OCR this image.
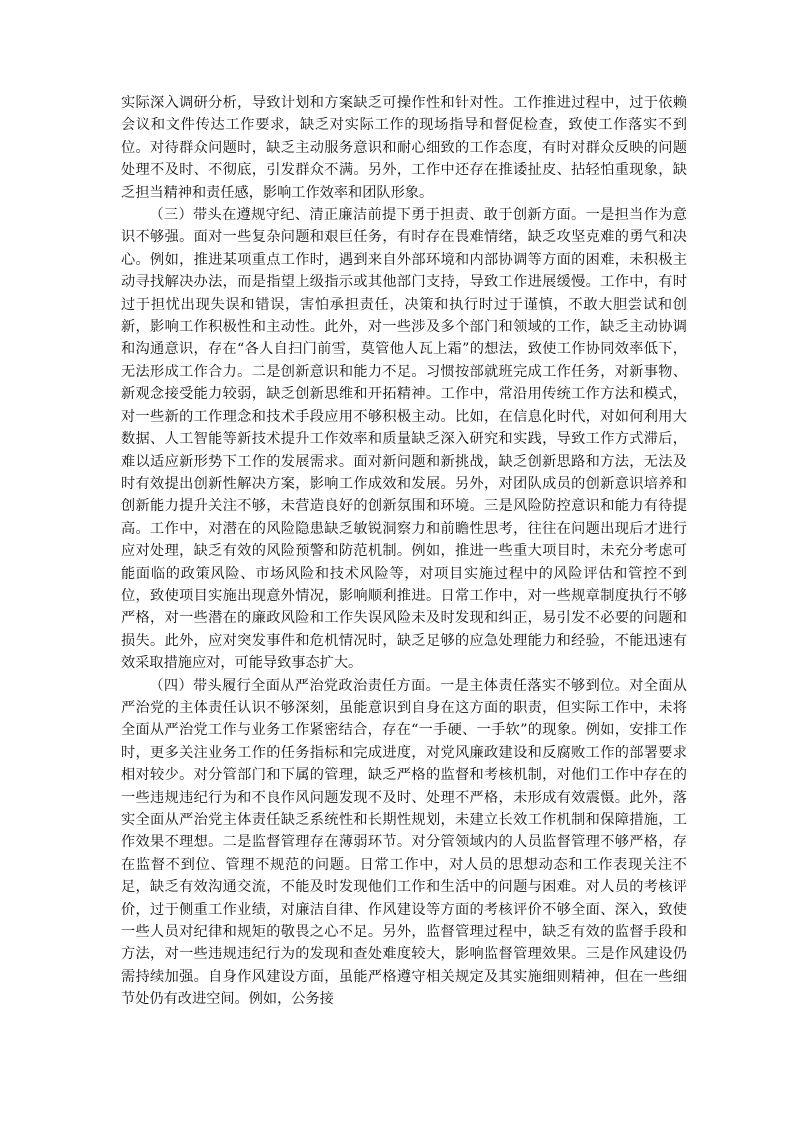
实际深入调研分析，导致计划和方案缺乏可操作性和针对性。工作推进过程中，过于依赖会议和文件传达工作要求，缺乏对实际工作的现场指导和督促检查，致使工作落实不到位。对待群众问题时，缺乏主动服务意识和耐心细致的工作态度，有时对群众反映的问题处理不及时、不彻底，引发群众不满。另外，工作中还存在推诿扯皮、拈轻怕重现象，缺乏担当精神和责任感，影响工作效率和团队形象。

（三）带头在遵规守纪、清正廉洁前提下勇于担责、敢于创新方面。一是担当作为意识不够强。面对一些复杂问题和艰巨任务，有时存在畏难情绪，缺乏攻坚克难的勇气和决心。例如，推进某项重点工作时，遇到来自外部环境和内部协调等方面的困难，未积极主动寻找解决办法，而是指望上级指示或其他部门支持，导致工作进展缓慢。工作中，有时过于担忧出现失误和错误，害怕承担责任，决策和执行时过于谨慎，不敢大胆尝试和创新，影响工作积极性和主动性。此外，对一些涉及多个部门和领域的工作，缺乏主动协调和沟通意识，存在“各人自扫门前雪，莫管他人瓦上霜”的想法，致使工作协同效率低下，无法形成工作合力。二是创新意识和能力不足。习惯按部就班完成工作任务，对新事物、新观念接受能力较弱，缺乏创新思维和开拓精神。工作中，常沿用传统工作方法和模式，对一些新的工作理念和技术手段应用不够积极主动。比如，在信息化时代，对如何利用大数据、人工智能等新技术提升工作效率和质量缺乏深入研究和实践，导致工作方式滞后，难以适应新形势下工作的发展需求。面对新问题和新挑战，缺乏创新思路和方法，无法及时有效提出创新性解决方案，影响工作成效和发展。另外，对团队成员的创新意识培养和创新能力提升关注不够，未营造良好的创新氛围和环境。三是风险防控意识和能力有待提高。工作中，对潜在的风险隐患缺乏敏锐洞察力和前瞻性思考，往往在问题出现后才进行应对处理，缺乏有效的风险预警和防范机制。例如，推进一些重大项目时，未充分考虑可能面临的政策风险、市场风险和技术风险等，对项目实施过程中的风险评估和管控不到位，致使项目实施出现意外情况，影响顺利推进。日常工作中，对一些规章制度执行不够严格，对一些潜在的廉政风险和工作失误风险未及时发现和纠正，易引发不必要的问题和损失。此外，应对突发事件和危机情况时，缺乏足够的应急处理能力和经验，不能迅速有效采取措施应对，可能导致事态扩大。

（四）带头履行全面从严治党政治责任方面。一是主体责任落实不够到位。对全面从严治党的主体责任认识不够深刻，虽能意识到自身在这方面的职责，但实际工作中，未将全面从严治党工作与业务工作紧密结合，存在“一手硬、一手软”的现象。例如，安排工作时，更多关注业务工作的任务指标和完成进度，对党风廉政建设和反腐败工作的部署要求相对较少。对分管部门和下属的管理，缺乏严格的监督和考核机制，对他们工作中存在的一些违规违纪行为和不良作风问题发现不及时、处理不严格，未形成有效震慑。此外，落实全面从严治党主体责任缺乏系统性和长期性规划，未建立长效工作机制和保障措施，工作效果不理想。二是监督管理存在薄弱环节。对分管领域内的人员监督管理不够严格，存在监督不到位、管理不规范的问题。日常工作中，对人员的思想动态和工作表现关注不足，缺乏有效沟通交流，不能及时发现他们工作和生活中的问题与困难。对人员的考核评价，过于侧重工作业绩，对廉洁自律、作风建设等方面的考核评价不够全面、深入，致使一些人员对纪律和规矩的敬畏之心不足。另外，监督管理过程中，缺乏有效的监督手段和方法，对一些违规违纪行为的发现和查处难度较大，影响监督管理效果。三是作风建设仍需持续加强。自身作风建设方面，虽能严格遵守相关规定及其实施细则精神，但在一些细节处仍有改进空间。例如，公务接
